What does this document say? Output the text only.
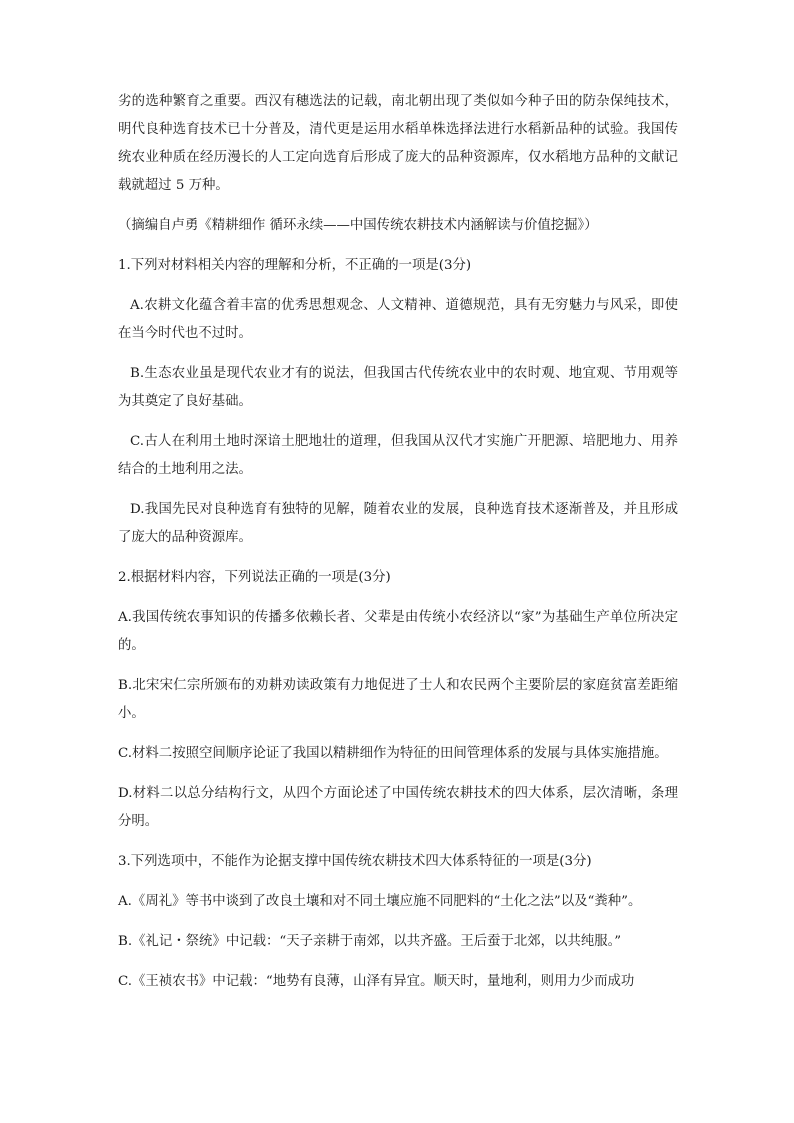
劣的选种繁育之重要。西汉有穗选法的记载，南北朝出现了类似如今种子田的防杂保纯技术，明代良种选育技术已十分普及，清代更是运用水稻单株选择法进行水稻新品种的试验。我国传统农业种质在经历漫长的人工定向选育后形成了庞大的品种资源库，仅水稻地方品种的文献记载就超过 5 万种。

（摘编自卢勇《精耕细作 循环永续——中国传统农耕技术内涵解读与价值挖掘》）

1.下列对材料相关内容的理解和分析，不正确的一项是(3分)

A.农耕文化蕴含着丰富的优秀思想观念、人文精神、道德规范，具有无穷魅力与风采，即使在当今时代也不过时。

B.生态农业虽是现代农业才有的说法，但我国古代传统农业中的农时观、地宜观、节用观等为其奠定了良好基础。

C.古人在利用土地时深谙土肥地壮的道理，但我国从汉代才实施广开肥源、培肥地力、用养结合的土地利用之法。

D.我国先民对良种选育有独特的见解，随着农业的发展，良种选育技术逐渐普及，并且形成了庞大的品种资源库。

2.根据材料内容，下列说法正确的一项是(3分)

A.我国传统农事知识的传播多依赖长者、父辈是由传统小农经济以“家”为基础生产单位所决定的。

B.北宋宋仁宗所颁布的劝耕劝读政策有力地促进了士人和农民两个主要阶层的家庭贫富差距缩小。

C.材料二按照空间顺序论证了我国以精耕细作为特征的田间管理体系的发展与具体实施措施。

D.材料二以总分结构行文，从四个方面论述了中国传统农耕技术的四大体系，层次清晰，条理分明。

3.下列选项中，不能作为论据支撑中国传统农耕技术四大体系特征的一项是(3分)

A.《周礼》等书中谈到了改良土壤和对不同土壤应施不同肥料的“土化之法”以及“粪种”。

B.《礼记・祭统》中记载：“天子亲耕于南郊，以共齐盛。王后蚕于北郊，以共纯服。”

C.《王祯农书》中记载：“地势有良薄，山泽有异宜。顺天时，量地利，则用力少而成功
